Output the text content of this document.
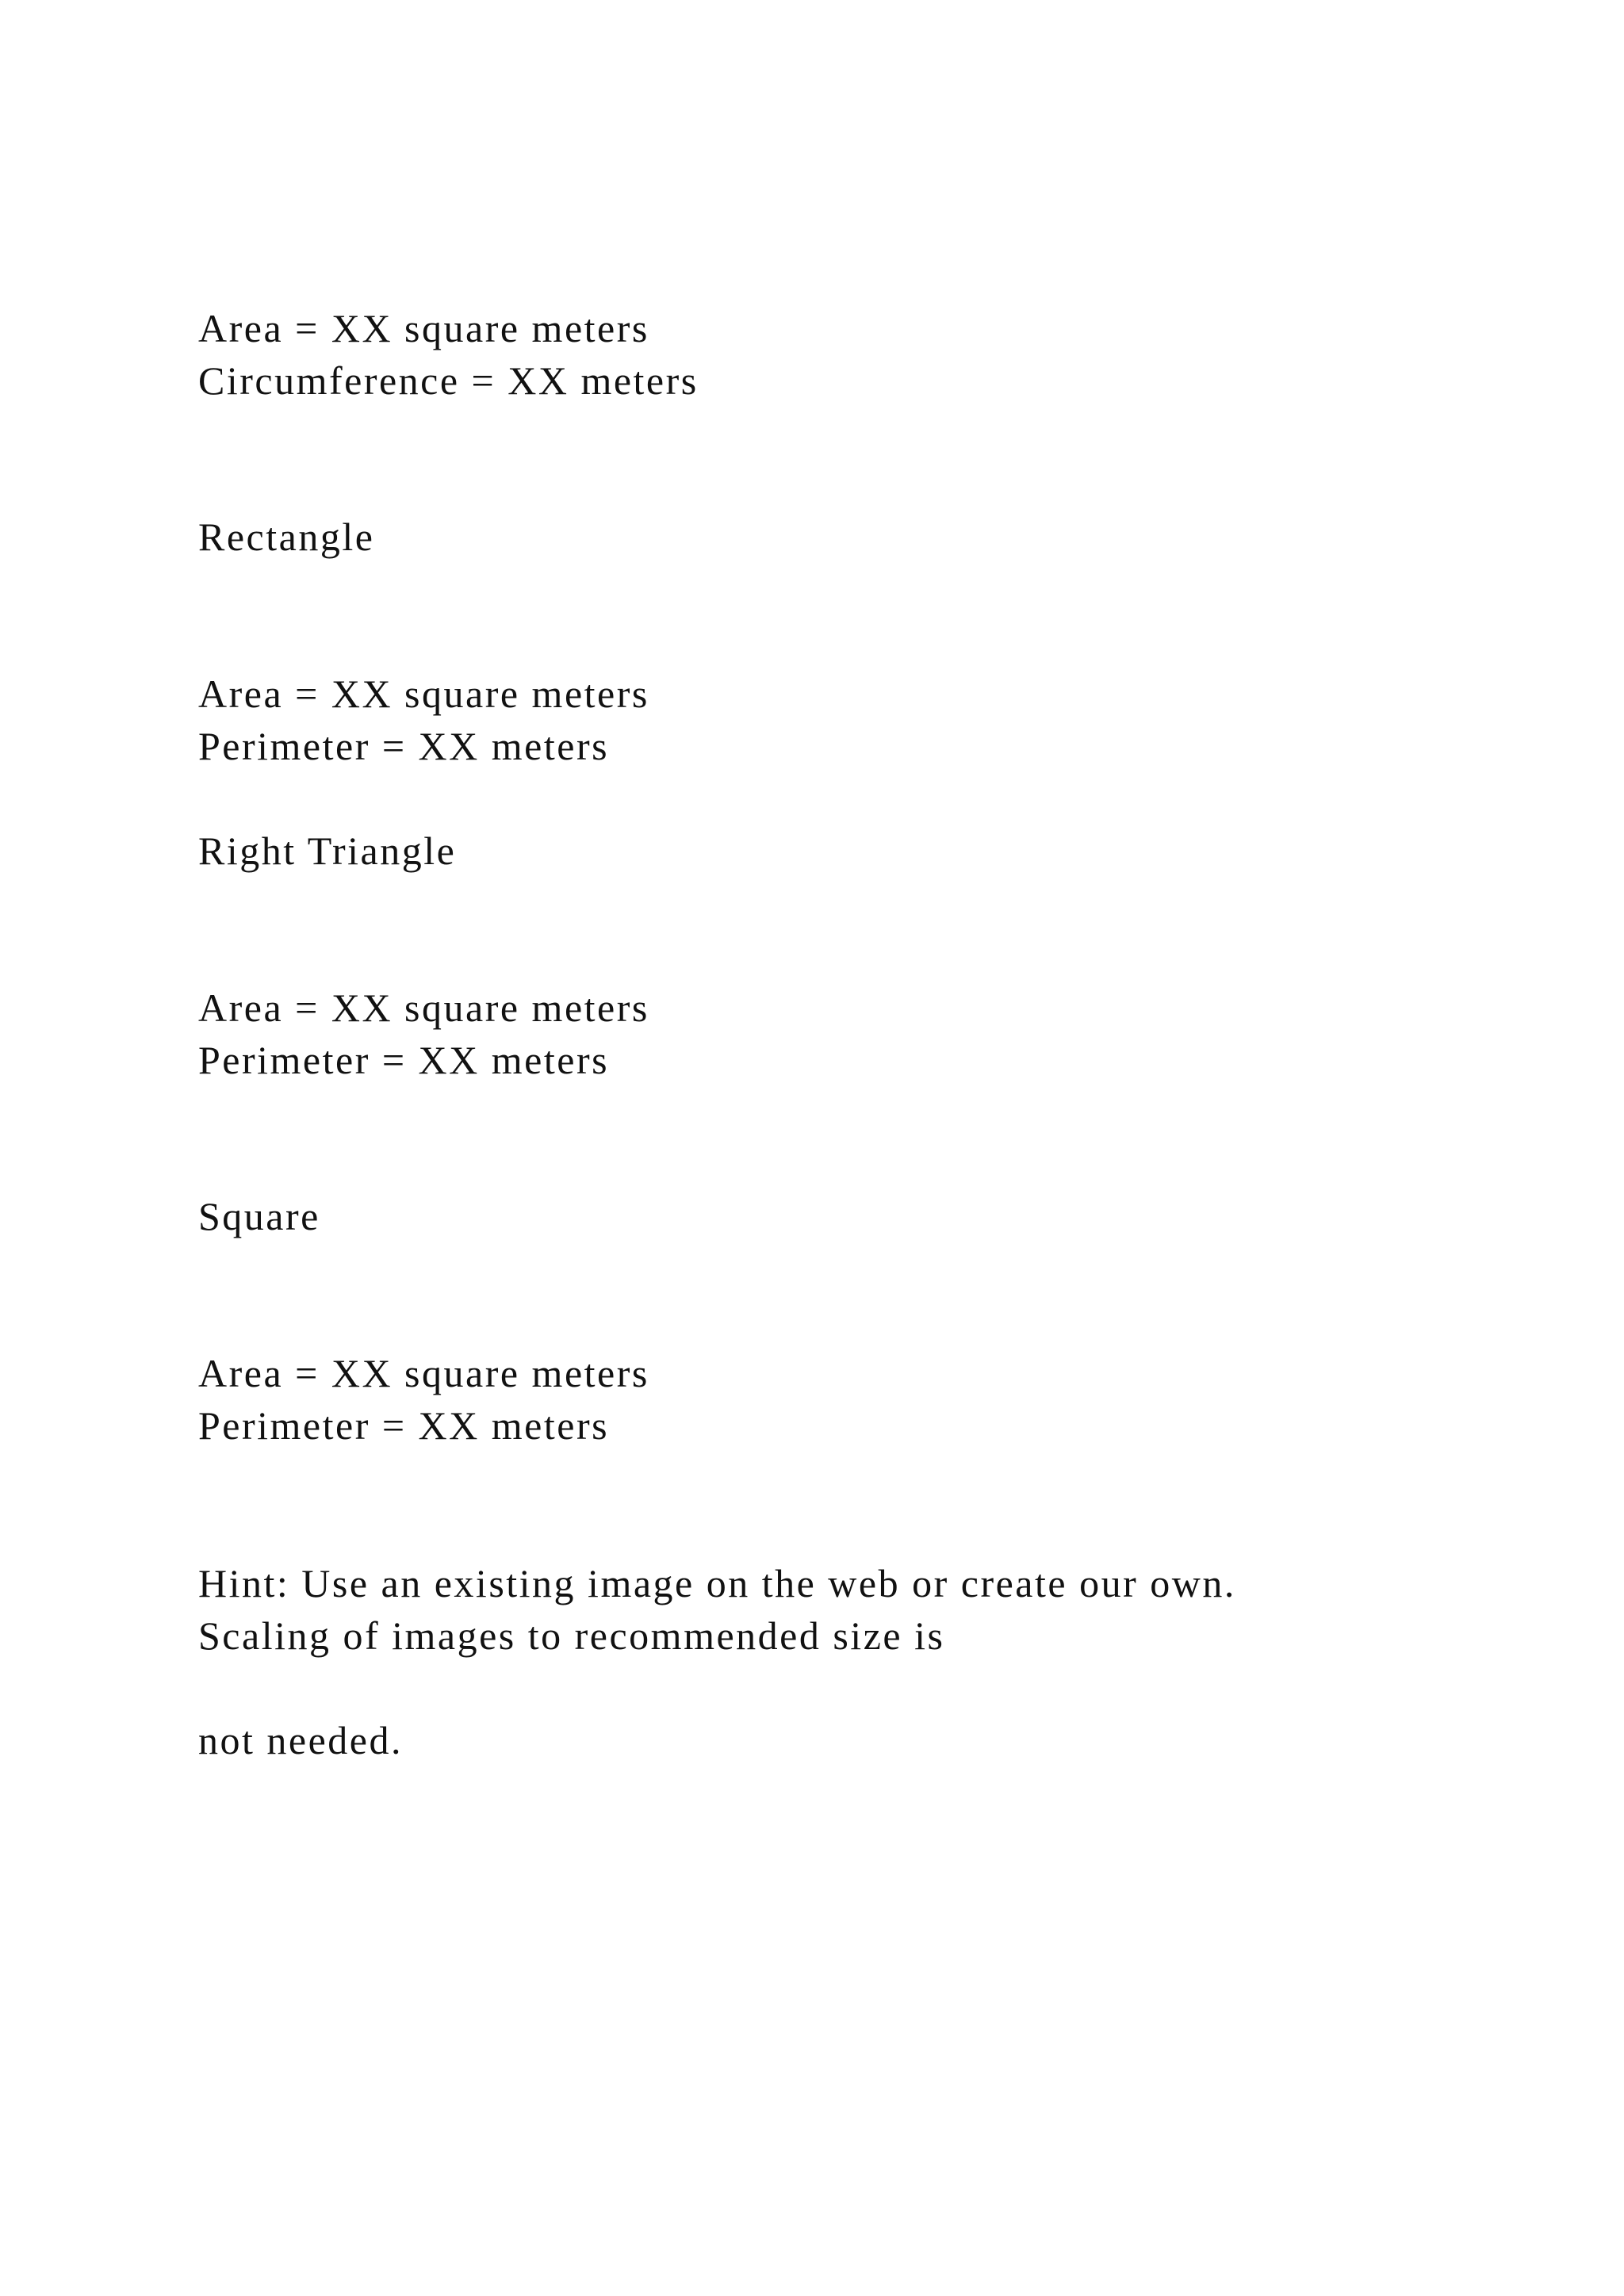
Area = XX square meters

Circumference = XX meters

Rectangle

Area = XX square meters

Perimeter = XX meters

Right Triangle

Area = XX square meters

Perimeter = XX meters

Square

Area = XX square meters

Perimeter = XX meters

Hint: Use an existing image on the web or create our own.

Scaling of images to recommended size is

not needed.
